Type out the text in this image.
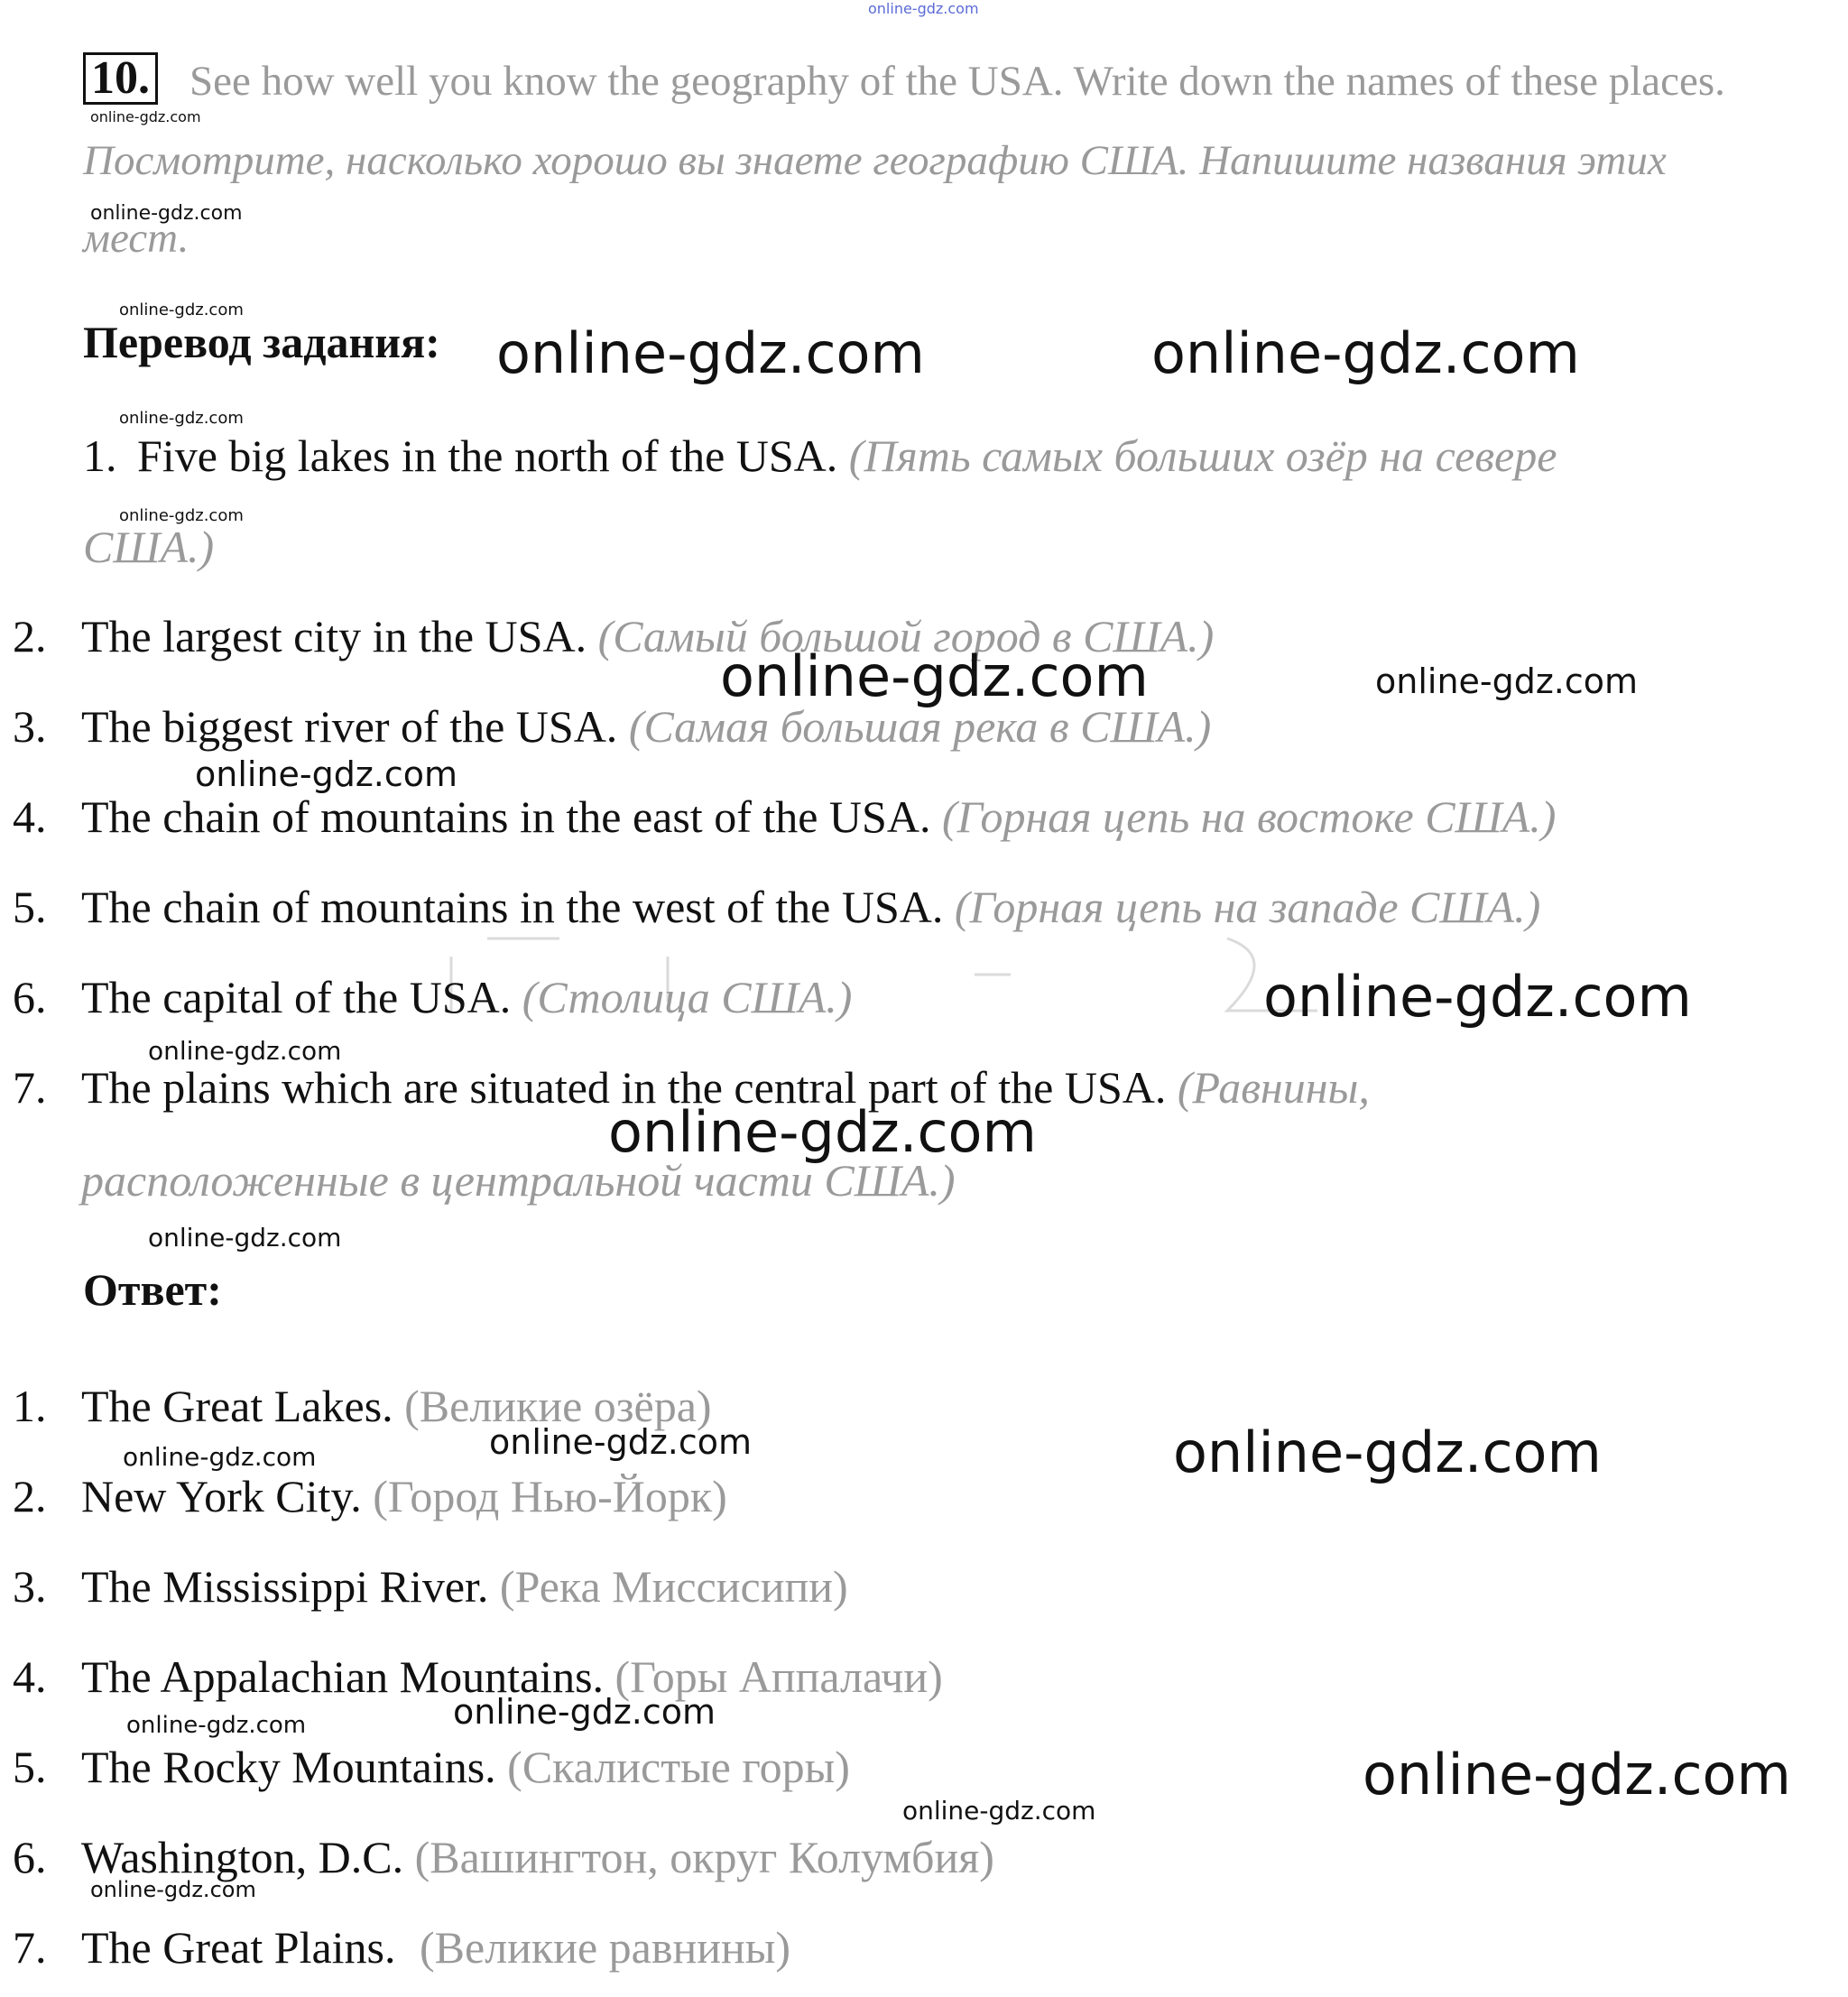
online-gdz.com
10.
online-gdz.com
See how well you know the geography of the USA. Write down the names of these places.
Посмотрите, насколько хорошо вы знаете географию США. Напишите названия этих
online-gdz.com
мест.
online-gdz.com
Перевод задания: online-gdz.com	online-gdz.com
online-gdz.com
1. Five big lakes in the north of the USA. (Пять самых больших озёр на севере
online-gdz.com
США.)
2. The largest city in the USA. (Самый большой город в США.)
online-gdz.com	online-gdz.com
3. The biggest river of the USA. (Самая большая река в США.)
online-gdz.com
4. The chain of mountains in the east of the USA. (Горная цепь на востоке США.)
5. The chain of mountains in the west of the USA. (Горная цепь на западе США.)
6. The capital of the USA. (Столица США.)	online-gdz.com
online-gdz.com
7. The plains which are situated in the central part of the USA. (Равнины,
online-gdz.com
расположенные в центральной части США.)
online-gdz.com
Ответ:
1. The Great Lakes. (Великие озёра)
online-gdz.com
online-gdz.com	online-gdz.com
2. New York City. (Город Нью-Йорк)
3. The Mississippi River. (Река Миссисипи)
4. The Appalachian Mountains. (Горы Аппалачи)
online-gdz.com
online-gdz.com
5. The Rocky Mountains. (Скалистые горы)	online-gdz.com
online-gdz.com
6. Washington, D.C. (Вашингтон, округ Колумбия)
online-gdz.com
7. The Great Plains. (Великие равнины)
